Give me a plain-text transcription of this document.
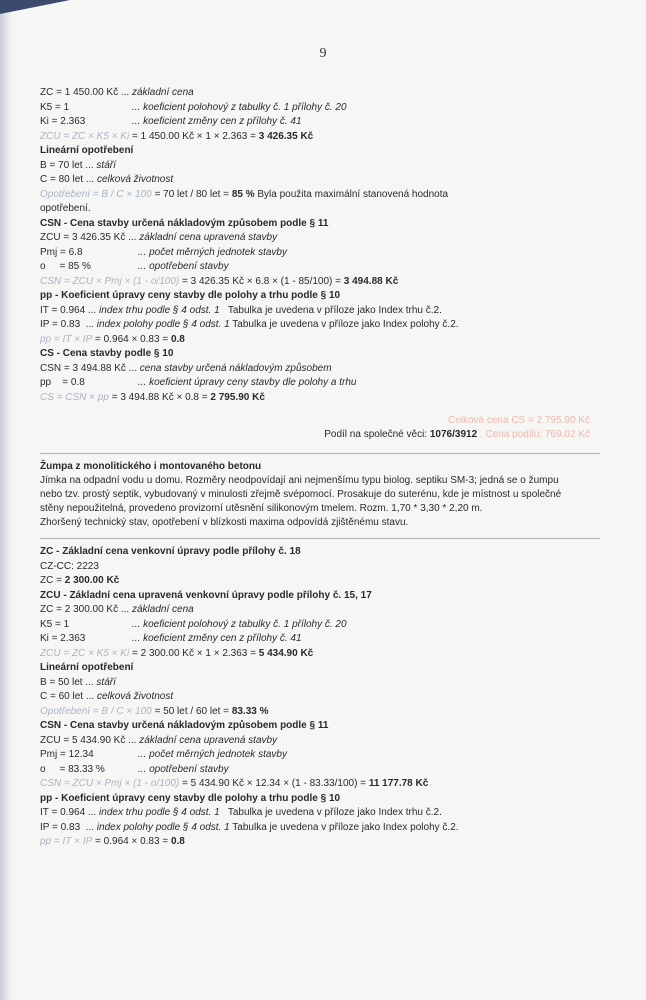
9
ZC = 1 450.00 Kč ... základní cena
K5 = 1	... koeficient polohový z tabulky č. 1 přílohy č. 20
Ki = 2.363	... koeficient změny cen z přílohy č. 41
ZCU = ZC × K5 × Ki = 1 450.00 Kč × 1 × 2.363 = 3 426.35 Kč
Lineární opotřebení
B = 70 let ... stáří
C = 80 let ... celková životnost
Opotřebení = B / C × 100 = 70 let / 80 let = 85 % Byla použita maximální stanovená hodnota
opotřebení.
CSN - Cena stavby určená nákladovým způsobem podle § 11
ZCU = 3 426.35 Kč ... základní cena upravená stavby
Pmj = 6.8	... počet měrných jednotek stavby
o     = 85 %	... opotřebení stavby
CSN = ZCU × Pmj × (1 - o/100) = 3 426.35 Kč × 6.8 × (1 - 85/100) = 3 494.88 Kč
pp - Koeficient úpravy ceny stavby dle polohy a trhu podle § 10
IT = 0.964 ... index trhu podle § 4 odst. 1   Tabulka je uvedena v příloze jako Index trhu č.2.
IP = 0.83  ... index polohy podle § 4 odst. 1 Tabulka je uvedena v příloze jako Index polohy č.2.
pp = IT × IP = 0.964 × 0.83 = 0.8
CS - Cena stavby podle § 10
CSN = 3 494.88 Kč ... cena stavby určená nákladovým způsobem
pp    = 0.8	... koeficient úpravy ceny stavby dle polohy a trhu
CS = CSN × pp = 3 494.88 Kč × 0.8 = 2 795.90 Kč
Celková cena CS = 2 795.90 Kč
Podíl na společné věci: 1076/3912 . Cena podílu: 769.02 Kč
Žumpa z monolitického i montovaného betonu
Jímka na odpadní vodu u domu. Rozměry neodpovídají ani nejmenšímu typu biolog. septiku SM-3; jedná se o žumpu nebo tzv. prostý septik, vybudovaný v minulosti zřejmě svépomocí. Prosakuje do suterénu, kde je místnost u společné stěny nepoužitelná, provedeno provizorní utěsnění silikonovým tmelem. Rozm. 1,70 * 3,30 * 2,20 m.
Zhoršený technický stav, opotřebení v blízkosti maxima odpovídá zjištěnému stavu.
ZC - Základní cena venkovní úpravy podle přílohy č. 18
CZ-CC: 2223
ZC = 2 300.00 Kč
ZCU - Základní cena upravená venkovní úpravy podle přílohy č. 15, 17
ZC = 2 300.00 Kč ... základní cena
K5 = 1	... koeficient polohový z tabulky č. 1 přílohy č. 20
Ki = 2.363	... koeficient změny cen z přílohy č. 41
ZCU = ZC × K5 × Ki = 2 300.00 Kč × 1 × 2.363 = 5 434.90 Kč
Lineární opotřebení
B = 50 let ... stáří
C = 60 let ... celková životnost
Opotřebení = B / C × 100 = 50 let / 60 let = 83.33 %
CSN - Cena stavby určená nákladovým způsobem podle § 11
ZCU = 5 434.90 Kč ... základní cena upravená stavby
Pmj = 12.34	... počet měrných jednotek stavby
o     = 83.33 %	... opotřebení stavby
CSN = ZCU × Pmj × (1 - o/100) = 5 434.90 Kč × 12.34 × (1 - 83.33/100) = 11 177.78 Kč
pp - Koeficient úpravy ceny stavby dle polohy a trhu podle § 10
IT = 0.964 ... index trhu podle § 4 odst. 1   Tabulka je uvedena v příloze jako Index trhu č.2.
IP = 0.83  ... index polohy podle § 4 odst. 1 Tabulka je uvedena v příloze jako Index polohy č.2.
pp = IT × IP = 0.964 × 0.83 = 0.8
